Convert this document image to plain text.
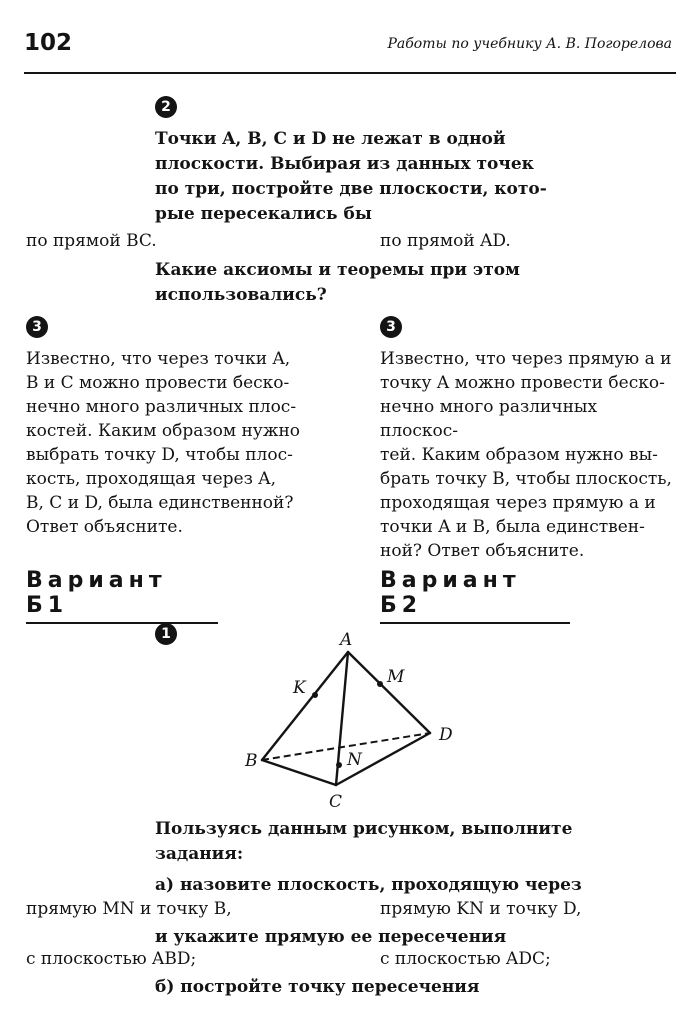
102	Работы по учебнику А. В. Погорелова
2
Точки A, B, C и D не лежат в одной
плоскости. Выбирая из данных точек
по три, постройте две плоскости, кото-
рые пересекались бы
по прямой BC.	по прямой AD.
Какие аксиомы и теоремы при этом
использовались?
3
Известно, что через точки A,
B и C можно провести беско-
нечно много различных плос-
костей. Каким образом нужно
выбрать точку D, чтобы плос-
кость, проходящая через A,
B, C и D, была единственной?
Ответ объясните.
3
Известно, что через прямую a и
точку A можно провести беско-
нечно много различных плоскос-
тей. Каким образом нужно вы-
брать точку B, чтобы плоскость,
проходящая через прямую a и
точки A и B, была единствен-
ной? Ответ объясните.
Вариант Б1
Вариант Б2
1	A
B
C
D
K
M
N
Пользуясь данным рисунком, выполните
задания:
а) назовите плоскость, проходящую через
прямую MN и точку B,	прямую KN и точку D,
и укажите прямую ее пересечения
с плоскостью ABD;	с плоскостью ADC;
б) постройте точку пересечения
